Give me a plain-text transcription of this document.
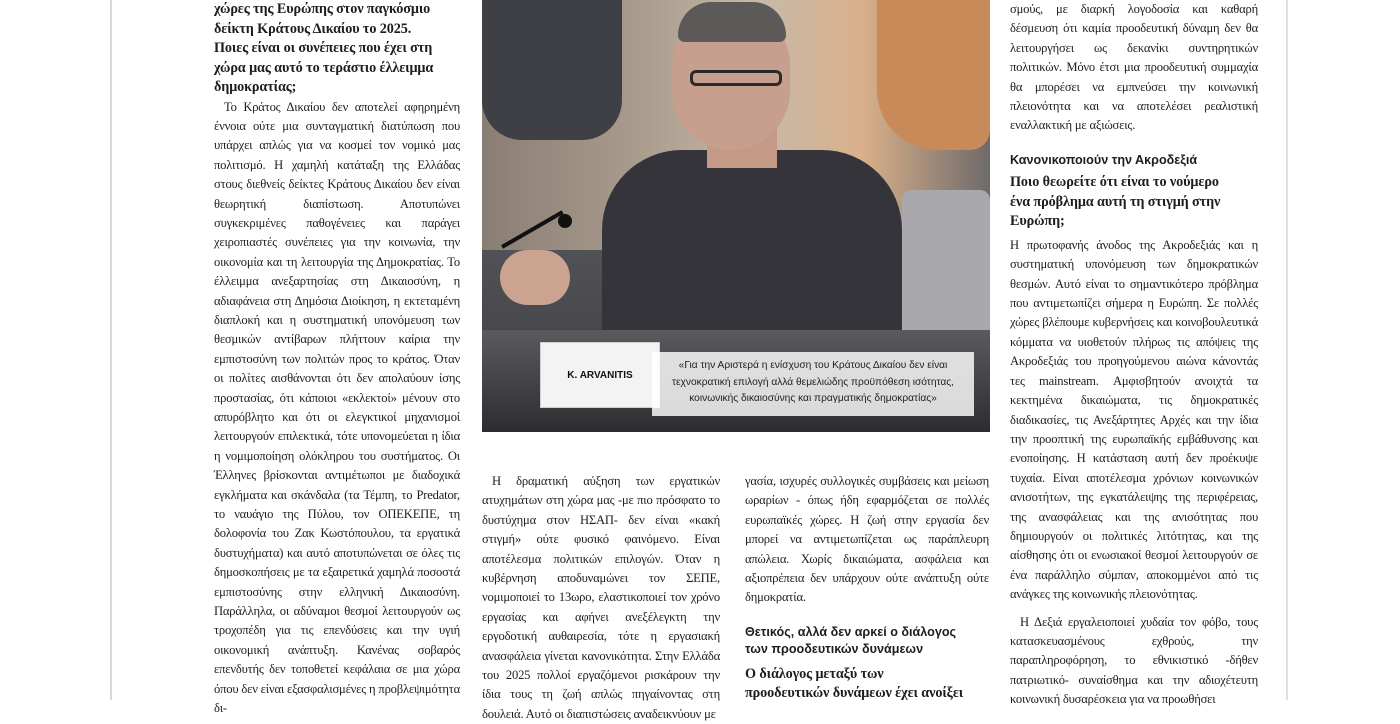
χώρες της Ευρώπης στον παγκόσμιο

δείκτη Κράτους Δικαίου το 2025.

Ποιες είναι οι συνέπειες που έχει στη

χώρα μας αυτό το τεράστιο έλλειμμα

δημοκρατίας;

Το Κράτος Δικαίου δεν αποτελεί αφηρημένη έννοια ούτε μια συνταγματική διατύπωση που υπάρχει απλώς για να κοσμεί τον νομικό μας πολιτισμό. Η χαμηλή κατάταξη της Ελλάδας στους διεθνείς δείκτες Κράτους Δικαίου δεν είναι θεωρητική διαπίστωση. Αποτυπώνει συγκεκριμένες παθογένειες και παράγει χειροπιαστές συνέπειες για την κοινωνία, την οικονομία και τη λειτουργία της Δημοκρατίας. Το έλλειμμα ανεξαρτησίας στη Δικαιοσύνη, η αδιαφάνεια στη Δημόσια Διοίκηση, η εκτεταμένη διαπλοκή και η συστηματική υπονόμευση των θεσμικών αντίβαρων πλήττουν καίρια την εμπιστοσύνη των πολιτών προς το κράτος. Όταν οι πολίτες αισθάνονται ότι δεν απολαύουν ίσης προστασίας, ότι κάποιοι «εκλεκτοί» μένουν στο απυρόβλητο και ότι οι ελεγκτικοί μηχανισμοί λειτουργούν επιλεκτικά, τότε υπονομεύεται η ίδια η νομιμοποίηση ολόκληρου του συστήματος. Οι Έλληνες βρίσκονται αντιμέτωποι με διαδοχικά εγκλήματα και σκάνδαλα (τα Τέμπη, το Predator, το ναυάγιο της Πύλου, τον ΟΠΕΚΕΠΕ, τη δολοφονία του Ζακ Κωστόπουλου, τα εργατικά δυστυχήματα) και αυτό αποτυπώνεται σε όλες τις δημοσκοπήσεις με τα εξαιρετικά χαμηλά ποσοστά εμπιστοσύνης στην ελληνική Δικαιοσύνη. Παράλληλα, οι αδύναμοι θεσμοί λειτουργούν ως τροχοπέδη για τις επενδύσεις και την υγιή οικονομική ανάπτυξη. Κανένας σοβαρός επενδυτής δεν τοποθετεί κεφάλαια σε μια χώρα όπου δεν είναι εξασφαλισμένες η προβλεψιμότητα δι-

K. ARVANITIS
«Για την Αριστερά η ενίσχυση του Κράτους Δικαίου δεν είναι τεχνοκρατική επιλογή αλλά θεμελιώδης προϋπόθεση ισότητας, κοινωνικής δικαιοσύνης και πραγματικής δημοκρατίας»

Η δραματική αύξηση των εργατικών ατυχημάτων στη χώρα μας -με πιο πρόσφατο το δυστύχημα στον ΗΣΑΠ- δεν είναι «κακή στιγμή» ούτε φυσικό φαινόμενο. Είναι αποτέλεσμα πολιτικών επιλογών. Όταν η κυβέρνηση αποδυναμώνει τον ΣΕΠΕ, νομιμοποιεί το 13ωρο, ελαστικοποιεί τον χρόνο εργασίας και αφήνει ανεξέλεγκτη την εργοδοτική αυθαιρεσία, τότε η εργασιακή ανασφάλεια γίνεται κανονικότητα. Στην Ελλάδα του 2025 πολλοί εργαζόμενοι ρισκάρουν την ίδια τους τη ζωή απλώς πηγαίνοντας στη δουλειά. Αυτό οι διαπιστώσεις αναδεικνύουν με

γασία, ισχυρές συλλογικές συμβάσεις και μείωση ωραρίων - όπως ήδη εφαρμόζεται σε πολλές ευρωπαϊκές χώρες. Η ζωή στην εργασία δεν μπορεί να αντιμετωπίζεται ως παράπλευρη απώλεια. Χωρίς δικαιώματα, ασφάλεια και αξιοπρέπεια δεν υπάρχουν ούτε ανάπτυξη ούτε δημοκρατία.

Θετικός, αλλά δεν αρκεί ο διάλογος

των προοδευτικών δυνάμεων

Ο διάλογος μεταξύ των

προοδευτικών δυνάμεων έχει ανοίξει

σμούς, με διαρκή λογοδοσία και καθαρή δέσμευση ότι καμία προοδευτική δύναμη δεν θα λειτουργήσει ως δεκανίκι συντηρητικών πολιτικών. Μόνο έτσι μια προοδευτική συμμαχία θα μπορέσει να εμπνεύσει την κοινωνική πλειονότητα και να αποτελέσει ρεαλιστική εναλλακτική με αξιώσεις.

Κανονικοποιούν την Ακροδεξιά

Ποιο θεωρείτε ότι είναι το νούμερο

ένα πρόβλημα αυτή τη στιγμή στην

Ευρώπη;

Η πρωτοφανής άνοδος της Ακροδεξιάς και η συστηματική υπονόμευση των δημοκρατικών θεσμών. Αυτό είναι το σημαντικότερο πρόβλημα που αντιμετωπίζει σήμερα η Ευρώπη. Σε πολλές χώρες βλέπουμε κυβερνήσεις και κοινοβουλευτικά κόμματα να υιοθετούν πλήρως τις απόψεις της Ακροδεξιάς του προηγούμενου αιώνα κάνοντάς τες mainstream. Αμφισβητούν ανοιχτά τα κεκτημένα δικαιώματα, τις δημοκρατικές διαδικασίες, τις Ανεξάρτητες Αρχές και την ίδια την προοπτική της ευρωπαϊκής εμβάθυνσης και ενοποίησης. Η κατάσταση αυτή δεν προέκυψε τυχαία. Είναι αποτέλεσμα χρόνιων κοινωνικών ανισοτήτων, της εγκατάλειψης της περιφέρειας, της ανασφάλειας και της ανισότητας που δημιουργούν οι πολιτικές λιτότητας, και της αίσθησης ότι οι ενωσιακοί θεσμοί λειτουργούν σε ένα παράλληλο σύμπαν, αποκομμένοι από τις ανάγκες της κοινωνικής πλειονότητας.

Η Δεξιά εργαλειοποιεί χυδαία τον φόβο, τους κατασκευασμένους εχθρούς, την παραπληροφόρηση, το εθνικιστικό -δήθεν πατριωτικό- συναίσθημα και την αδιοχέτευτη κοινωνική δυσαρέσκεια για να προωθήσει
